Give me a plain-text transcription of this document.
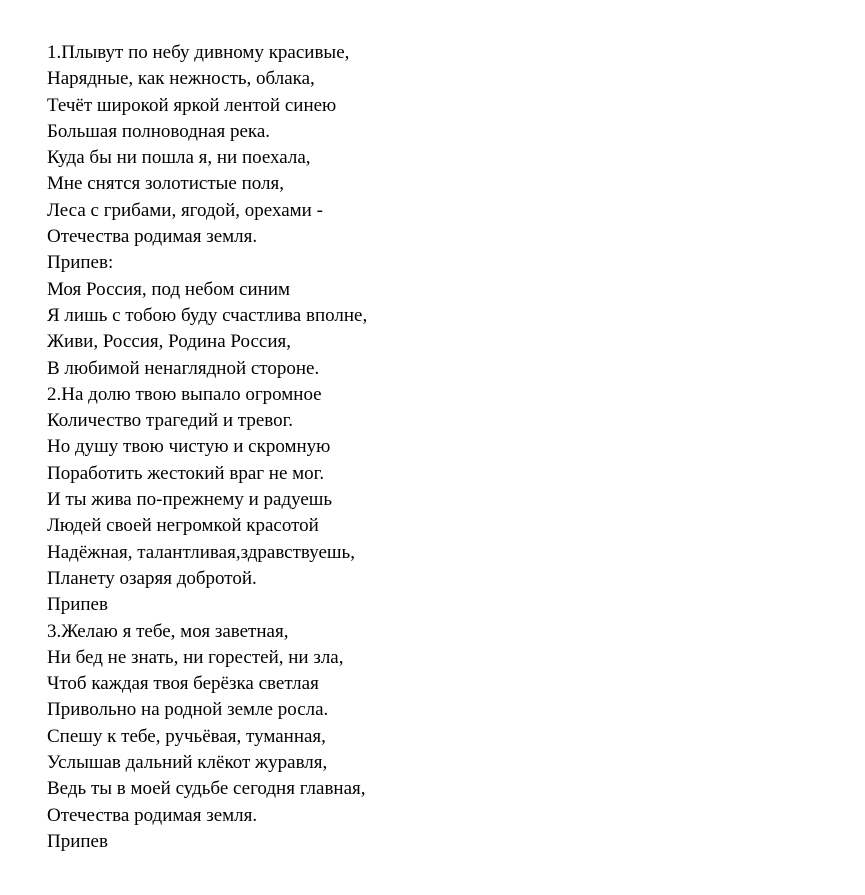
1.Плывут по небу дивному красивые,

Нарядные, как нежность, облака,

Течёт широкой яркой лентой синею

Большая полноводная река.

Куда бы ни пошла я, ни поехала,

Мне снятся золотистые поля,

Леса с грибами, ягодой, орехами -

Отечества родимая земля.

Припев:

Моя Россия, под небом синим

Я лишь с тобою буду счастлива вполне,

Живи, Россия, Родина Россия,

В любимой ненаглядной стороне.

2.На долю твою выпало огромное

Количество трагедий и тревог.

Но душу твою чистую и скромную

Поработить жестокий враг не мог.

И ты жива по-прежнему и радуешь

Людей своей негромкой красотой

Надёжная, талантливая,здравствуешь,

Планету озаряя добротой.

Припев

3.Желаю я тебе, моя заветная,

Ни бед не знать, ни горестей, ни зла,

Чтоб каждая твоя берёзка светлая

Привольно на родной земле росла.

Спешу к тебе, ручьёвая, туманная,

Услышав дальний клёкот журавля,

Ведь ты в моей судьбе сегодня главная,

Отечества родимая земля.

Припев
